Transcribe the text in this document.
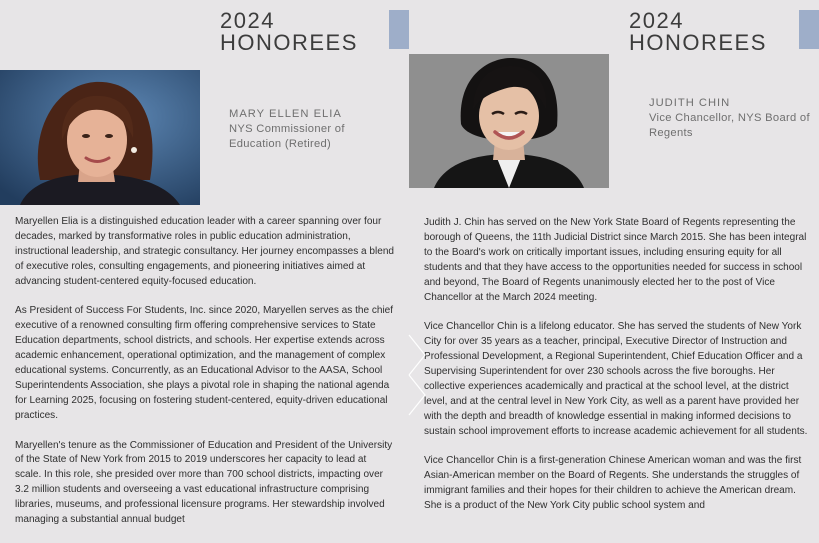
2024
HONOREES
MARY ELLEN ELIA
NYS Commissioner of Education (Retired)

Maryellen Elia is a distinguished education leader with a career spanning over four decades, marked by transformative roles in public education administration, instructional leadership, and strategic consultancy. Her journey encompasses a blend of executive roles, consulting engagements, and pioneering initiatives aimed at advancing student-centered equity-focused education.

As President of Success For Students, Inc. since 2020, Maryellen serves as the chief executive of a renowned consulting firm offering comprehensive services to State Education departments, school districts, and schools. Her expertise extends across academic enhancement, operational optimization, and the management of complex educational systems. Concurrently, as an Educational Advisor to the AASA, School Superintendents Association, she plays a pivotal role in shaping the national agenda for Learning 2025, focusing on fostering student-centered, equity-driven educational practices.

Maryellen's tenure as the Commissioner of Education and President of the University of the State of New York from 2015 to 2019 underscores her capacity to lead at scale. In this role, she presided over more than 700 school districts, impacting over 3.2 million students and overseeing a vast educational infrastructure comprising libraries, museums, and professional licensure programs. Her stewardship involved managing a substantial annual budget

2024
HONOREES
JUDITH CHIN
Vice Chancellor, NYS Board of Regents

Judith J. Chin has served on the New York State Board of Regents representing the borough of Queens, the 11th Judicial District since March 2015. She has been integral to the Board's work on critically important issues, including ensuring equity for all students and that they have access to the opportunities needed for success in school and beyond, The Board of Regents unanimously elected her to the post of Vice Chancellor at the March 2024 meeting.

Vice Chancellor Chin is a lifelong educator. She has served the students of New York City for over 35 years as a teacher, principal, Executive Director of Instruction and Professional Development, a Regional Superintendent, Chief Education Officer and a Supervising Superintendent for over 230 schools across the five boroughs. Her collective experiences academically and practical at the school level, at the district level, and at the central level in New York City, as well as a parent have provided her with the depth and breadth of knowledge essential in making informed decisions to sustain school improvement efforts to increase academic achievement for all students.

Vice Chancellor Chin is a first-generation Chinese American woman and was the first Asian-American member on the Board of Regents. She understands the struggles of immigrant families and their hopes for their children to achieve the American dream. She is a product of the New York City public school system and
